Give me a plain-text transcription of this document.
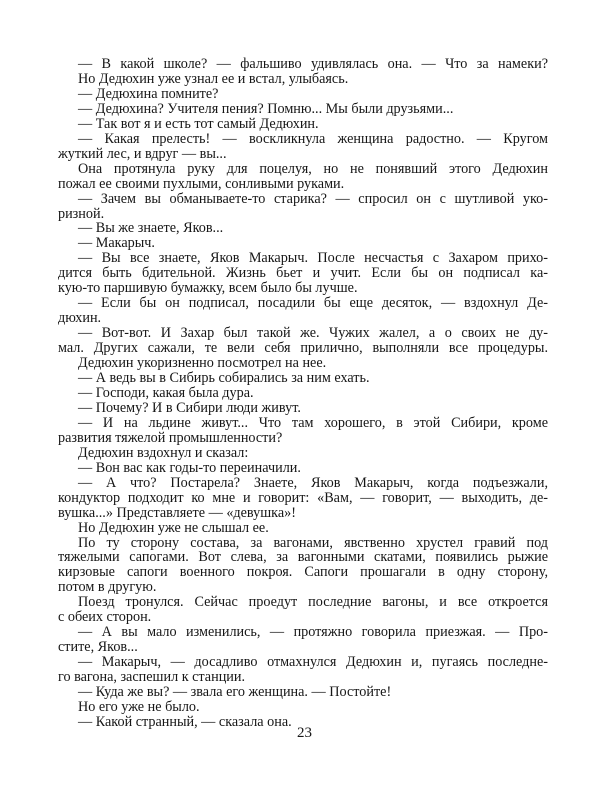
— В какой школе? — фальшиво удивлялась она. — Что за намеки?
Но Дедюхин уже узнал ее и встал, улыбаясь.
— Дедюхина помните?
— Дедюхина? Учителя пения? Помню... Мы были друзьями...
— Так вот я и есть тот самый Дедюхин.
— Какая прелесть! — воскликнула женщина радостно. — Кругом
жуткий лес, и вдруг — вы...
Она протянула руку для поцелуя, но не понявший этого Дедюхин
пожал ее своими пухлыми, сонливыми руками.
— Зачем вы обманываете-то старика? — спросил он с шутливой уко-
ризной.
— Вы же знаете, Яков...
— Макарыч.
— Вы все знаете, Яков Макарыч. После несчастья с Захаром прихо-
дится быть бдительной. Жизнь бьет и учит. Если бы он подписал ка-
кую-то паршивую бумажку, всем было бы лучше.
— Если бы он подписал, посадили бы еще десяток, — вздохнул Де-
дюхин.
— Вот-вот. И Захар был такой же. Чужих жалел, а о своих не ду-
мал. Других сажали, те вели себя прилично, выполняли все процедуры.
Дедюхин укоризненно посмотрел на нее.
— А ведь вы в Сибирь собирались за ним ехать.
— Господи, какая была дура.
— Почему? И в Сибири люди живут.
— И на льдине живут... Что там хорошего, в этой Сибири, кроме
развития тяжелой промышленности?
Дедюхин вздохнул и сказал:
— Вон вас как годы-то переиначили.
— А что? Постарела? Знаете, Яков Макарыч, когда подъезжали,
кондуктор подходит ко мне и говорит: «Вам, — говорит, — выходить, де-
вушка...» Представляете — «девушка»!
Но Дедюхин уже не слышал ее.
По ту сторону состава, за вагонами, явственно хрустел гравий под
тяжелыми сапогами. Вот слева, за вагонными скатами, появились рыжие
кирзовые сапоги военного покроя. Сапоги прошагали в одну сторону,
потом в другую.
Поезд тронулся. Сейчас проедут последние вагоны, и все откроется
с обеих сторон.
— А вы мало изменились, — протяжно говорила приезжая. — Про-
стите, Яков...
— Макарыч, — досадливо отмахнулся Дедюхин и, пугаясь последне-
го вагона, заспешил к станции.
— Куда же вы? — звала его женщина. — Постойте!
Но его уже не было.
— Какой странный, — сказала она.
23
